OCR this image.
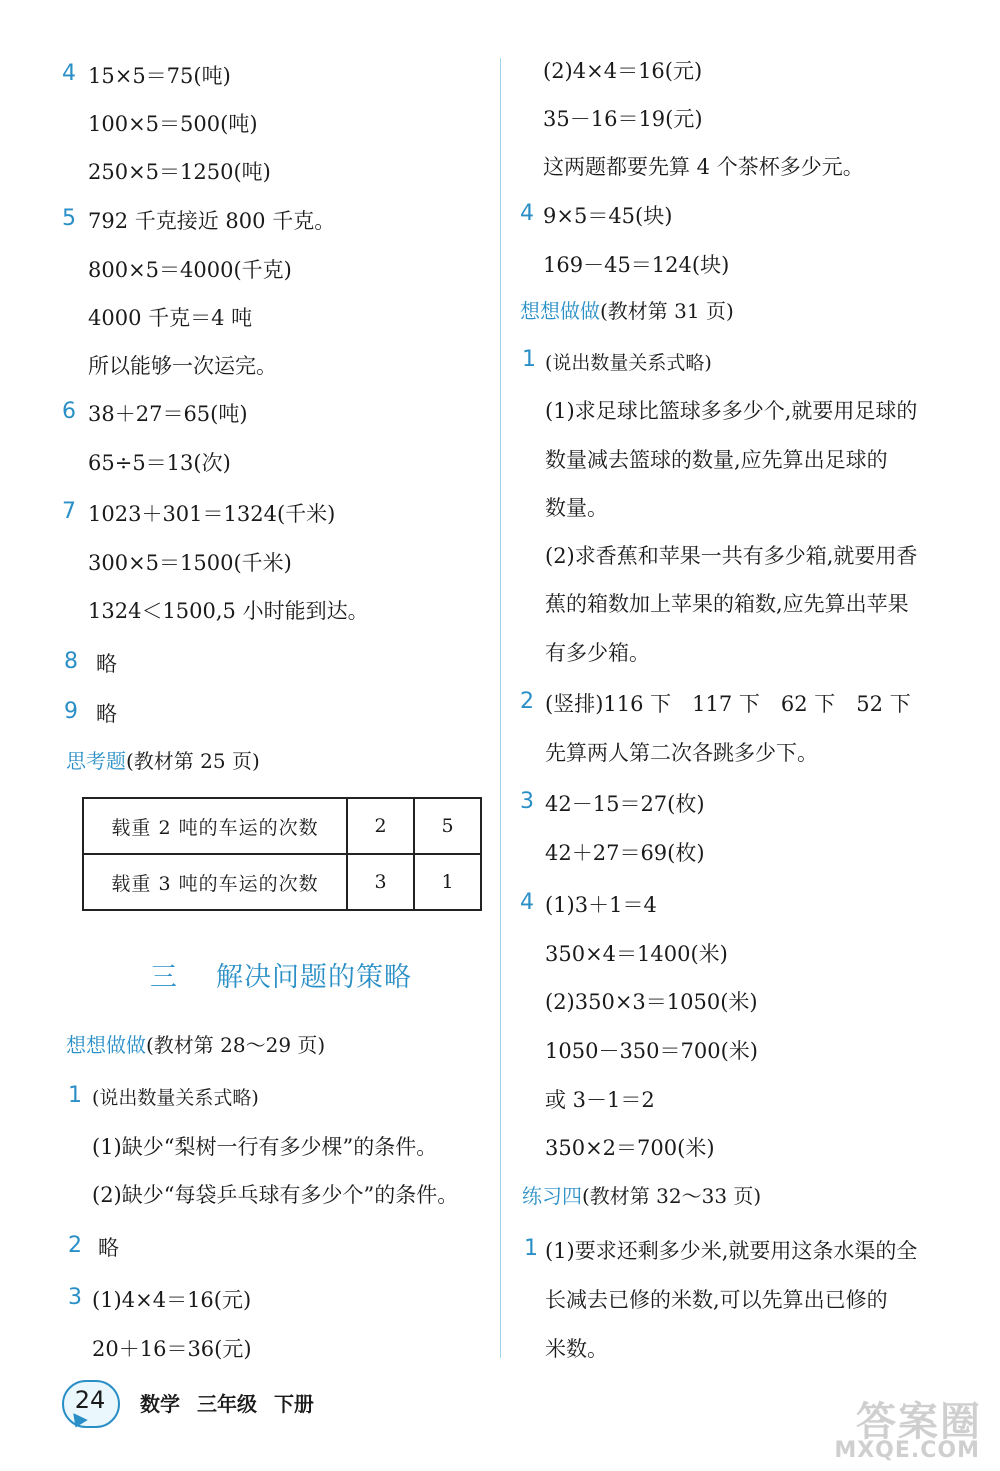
4 15×5＝75(吨)
100×5＝500(吨)
250×5＝1250(吨)
5 792 千克接近 800 千克。
800×5＝4000(千克)
4000 千克＝4 吨
所以能够一次运完。
6 38＋27＝65(吨)
65÷5＝13(次)
7 1023＋301＝1324(千米)
300×5＝1500(千米)
1324＜1500,5 小时能到达。
8 略
9 略
思考题(教材第 25 页)
载重 2 吨的车运的次数	2	5
载重 3 吨的车运的次数	3	1
三 解决问题的策略
想想做做(教材第 28～29 页)
1 (说出数量关系式略)
(1)缺少“梨树一行有多少棵”的条件。
(2)缺少“每袋乒乓球有多少个”的条件。
2 略
3 (1)4×4＝16(元)
20＋16＝36(元)
(2)4×4＝16(元)
35－16＝19(元)
这两题都要先算 4 个茶杯多少元。
4 9×5＝45(块)
169－45＝124(块)
想想做做(教材第 31 页)
1 (说出数量关系式略)
(1)求足球比篮球多多少个,就要用足球的
数量减去篮球的数量,应先算出足球的
数量。
(2)求香蕉和苹果一共有多少箱,就要用香
蕉的箱数加上苹果的箱数,应先算出苹果
有多少箱。
2 (竖排)116 下　117 下　62 下　52 下
先算两人第二次各跳多少下。
3 42－15＝27(枚)
42＋27＝69(枚)
4 (1)3＋1＝4
350×4＝1400(米)
(2)350×3＝1050(米)
1050－350＝700(米)
或 3－1＝2
350×2＝700(米)
练习四(教材第 32～33 页)
1 (1)要求还剩多少米,就要用这条水渠的全
长减去已修的米数,可以先算出已修的
米数。
24	数学 三年级 下册	答案圈
MXQE.COM
